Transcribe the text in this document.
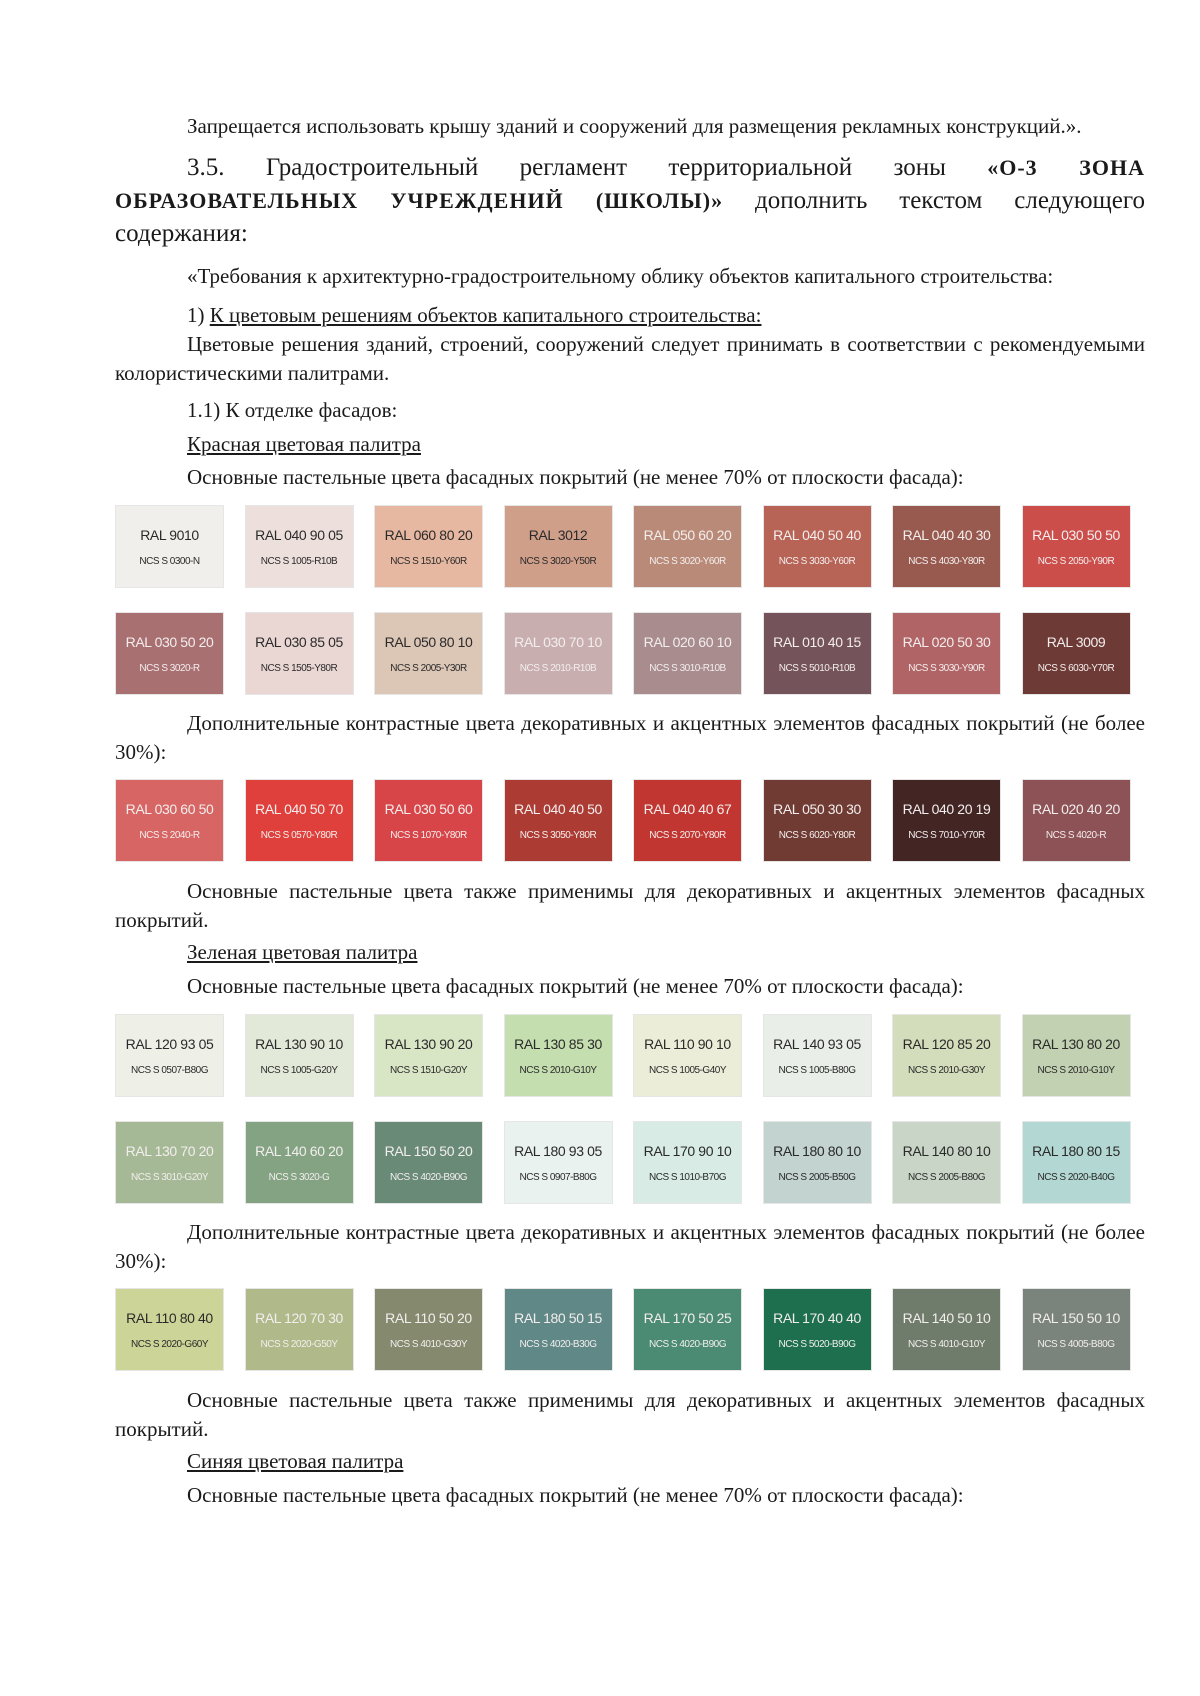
Запрещается использовать крышу зданий и сооружений для размещения рекламных конструкций.».

3.5. Градостроительный регламент территориальной зоны «О-3 ЗОНА ОБРАЗОВАТЕЛЬНЫХ УЧРЕЖДЕНИЙ (ШКОЛЫ)» дополнить текстом следующего содержания:

«Требования к архитектурно-градостроительному облику объектов капитального строительства:

1) К цветовым решениям объектов капитального строительства:

Цветовые решения зданий, строений, сооружений следует принимать в соответствии с рекомендуемыми колористическими палитрами.

1.1) К отделке фасадов:

Красная цветовая палитра

Основные пастельные цвета фасадных покрытий (не менее 70% от плоскости фасада):

RAL 9010
NCS S 0300-N
RAL 040 90 05
NCS S 1005-R10B
RAL 060 80 20
NCS S 1510-Y60R
RAL 3012
NCS S 3020-Y50R
RAL 050 60 20
NCS S 3020-Y60R
RAL 040 50 40
NCS S 3030-Y60R
RAL 040 40 30
NCS S 4030-Y80R
RAL 030 50 50
NCS S 2050-Y90R
RAL 030 50 20
NCS S 3020-R
RAL 030 85 05
NCS S 1505-Y80R
RAL 050 80 10
NCS S 2005-Y30R
RAL 030 70 10
NCS S 2010-R10B
RAL 020 60 10
NCS S 3010-R10B
RAL 010 40 15
NCS S 5010-R10B
RAL 020 50 30
NCS S 3030-Y90R
RAL 3009
NCS S 6030-Y70R

Дополнительные контрастные цвета декоративных и акцентных элементов фасадных покрытий (не более 30%):

RAL 030 60 50
NCS S 2040-R
RAL 040 50 70
NCS S 0570-Y80R
RAL 030 50 60
NCS S 1070-Y80R
RAL 040 40 50
NCS S 3050-Y80R
RAL 040 40 67
NCS S 2070-Y80R
RAL 050 30 30
NCS S 6020-Y80R
RAL 040 20 19
NCS S 7010-Y70R
RAL 020 40 20
NCS S 4020-R

Основные пастельные цвета также применимы для декоративных и акцентных элементов фасадных покрытий.

Зеленая цветовая палитра

Основные пастельные цвета фасадных покрытий (не менее 70% от плоскости фасада):

RAL 120 93 05
NCS S 0507-B80G
RAL 130 90 10
NCS S 1005-G20Y
RAL 130 90 20
NCS S 1510-G20Y
RAL 130 85 30
NCS S 2010-G10Y
RAL 110 90 10
NCS S 1005-G40Y
RAL 140 93 05
NCS S 1005-B80G
RAL 120 85 20
NCS S 2010-G30Y
RAL 130 80 20
NCS S 2010-G10Y
RAL 130 70 20
NCS S 3010-G20Y
RAL 140 60 20
NCS S 3020-G
RAL 150 50 20
NCS S 4020-B90G
RAL 180 93 05
NCS S 0907-B80G
RAL 170 90 10
NCS S 1010-B70G
RAL 180 80 10
NCS S 2005-B50G
RAL 140 80 10
NCS S 2005-B80G
RAL 180 80 15
NCS S 2020-B40G

Дополнительные контрастные цвета декоративных и акцентных элементов фасадных покрытий (не более 30%):

RAL 110 80 40
NCS S 2020-G60Y
RAL 120 70 30
NCS S 2020-G50Y
RAL 110 50 20
NCS S 4010-G30Y
RAL 180 50 15
NCS S 4020-B30G
RAL 170 50 25
NCS S 4020-B90G
RAL 170 40 40
NCS S 5020-B90G
RAL 140 50 10
NCS S 4010-G10Y
RAL 150 50 10
NCS S 4005-B80G

Основные пастельные цвета также применимы для декоративных и акцентных элементов фасадных покрытий.

Синяя цветовая палитра

Основные пастельные цвета фасадных покрытий (не менее 70% от плоскости фасада):
